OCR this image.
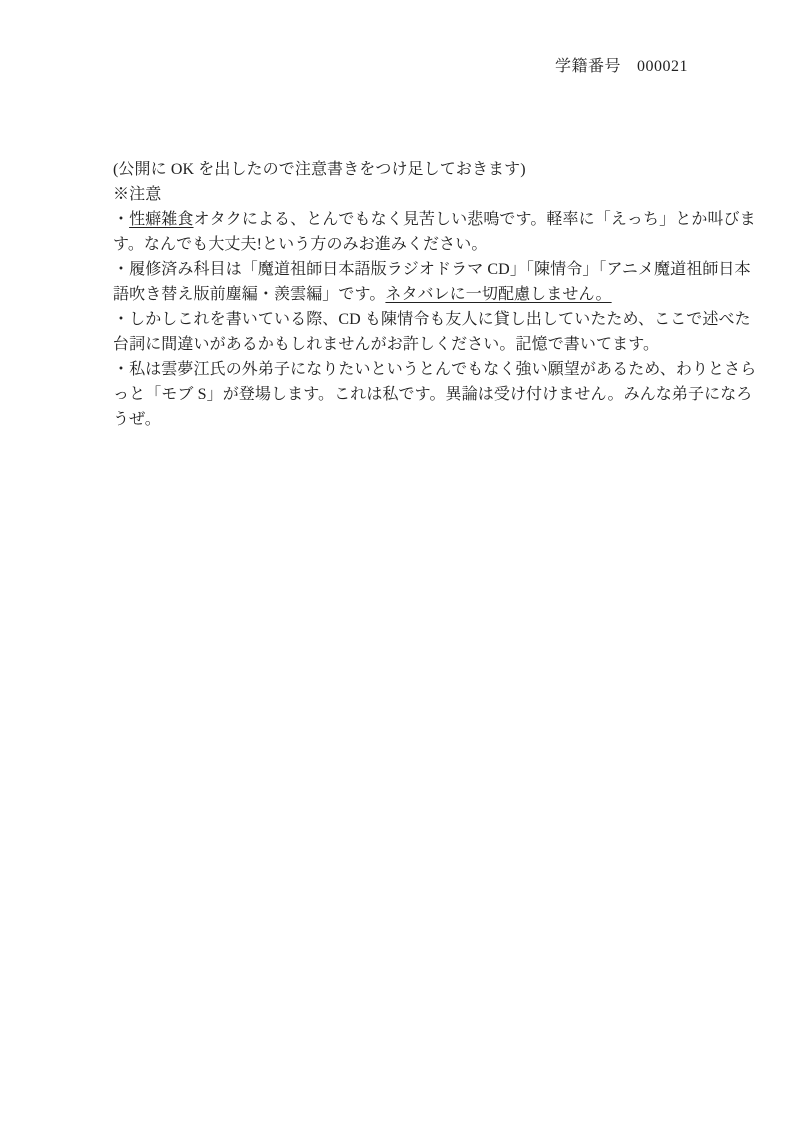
学籍番号 000021
(公開に OK を出したので注意書きをつけ足しておきます)
※注意
・性癖雑食オタクによる、とんでもなく見苦しい悲鳴です。軽率に「えっち」とか叫びま
す。なんでも大丈夫!という方のみお進みください。
・履修済み科目は「魔道祖師日本語版ラジオドラマ CD」「陳情令」「アニメ魔道祖師日本
語吹き替え版前塵編・羨雲編」です。ネタバレに一切配慮しません。
・しかしこれを書いている際、CD も陳情令も友人に貸し出していたため、ここで述べた
台詞に間違いがあるかもしれませんがお許しください。記憶で書いてます。
・私は雲夢江氏の外弟子になりたいというとんでもなく強い願望があるため、わりとさら
っと「モブ S」が登場します。これは私です。異論は受け付けません。みんな弟子になろ
うぜ。
